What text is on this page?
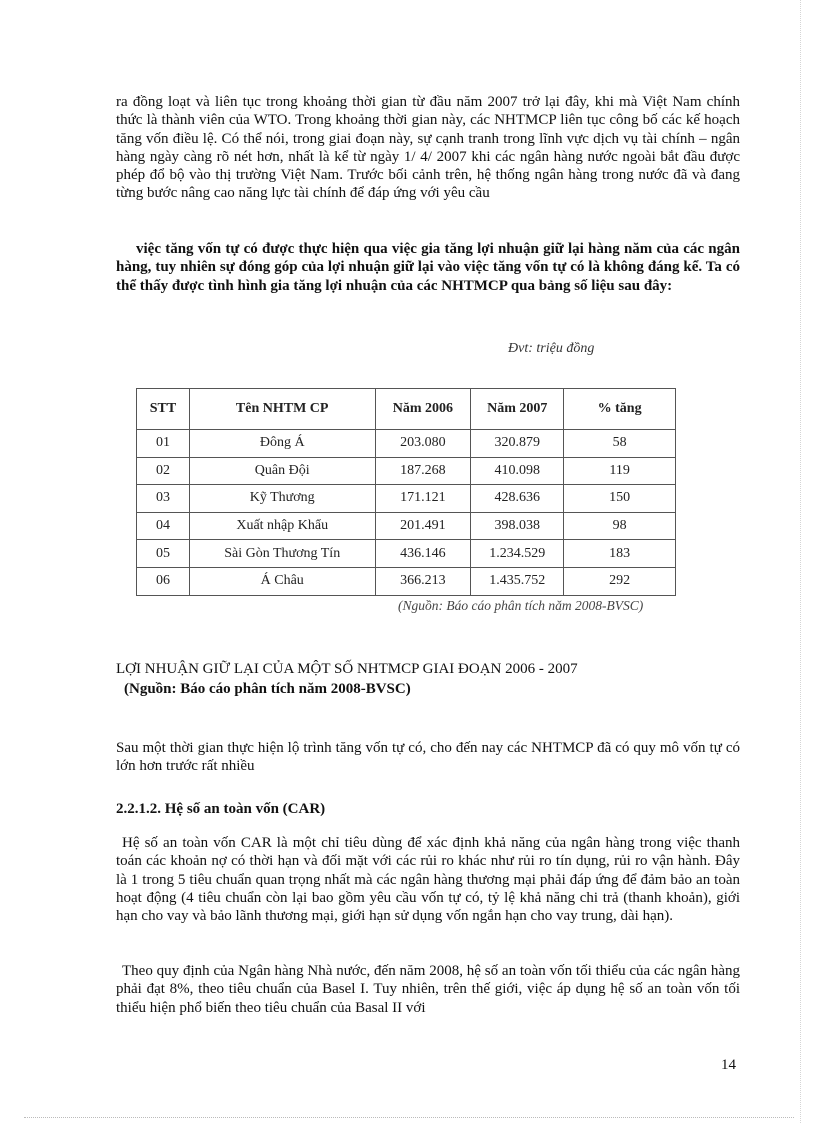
ra đồng loạt và liên tục trong khoảng thời gian từ đầu năm 2007 trở lại đây, khi mà Việt Nam chính thức là thành viên của WTO. Trong khoảng thời gian này, các NHTMCP liên tục công bố các kế hoạch tăng vốn điều lệ. Có thể nói, trong giai đoạn này, sự cạnh tranh trong lĩnh vực dịch vụ tài chính – ngân hàng ngày càng rõ nét hơn, nhất là kể từ ngày 1/ 4/ 2007 khi các ngân hàng nước ngoài bắt đầu được phép đổ bộ vào thị trường Việt Nam. Trước bối cảnh trên, hệ thống ngân hàng trong nước đã và đang từng bước nâng cao năng lực tài chính để đáp ứng với yêu cầu

việc tăng vốn tự có được thực hiện qua việc gia tăng lợi nhuận giữ lại hàng năm của các ngân hàng, tuy nhiên sự đóng góp của lợi nhuận giữ lại vào việc tăng vốn tự có là không đáng kể. Ta có thể thấy được tình hình gia tăng lợi nhuận của các NHTMCP qua bảng số liệu sau đây:

Đvt: triệu đồng
STT	Tên NHTM CP	Năm 2006	Năm 2007	% tăng
01	Đông Á	203.080	320.879	58
02	Quân Đội	187.268	410.098	119
03	Kỹ Thương	171.121	428.636	150
04	Xuất nhập Khẩu	201.491	398.038	98
05	Sài Gòn Thương Tín	436.146	1.234.529	183
06	Á Châu	366.213	1.435.752	292
(Nguồn: Báo cáo phân tích năm 2008-BVSC)

LỢI NHUẬN GIỮ LẠI CỦA MỘT SỐ NHTMCP GIAI ĐOẠN 2006 - 2007

(Nguồn: Báo cáo phân tích năm 2008-BVSC)

Sau một thời gian thực hiện lộ trình tăng vốn tự có, cho đến nay các NHTMCP đã có quy mô vốn tự có lớn hơn trước rất nhiều

2.2.1.2. Hệ số an toàn vốn (CAR)

Hệ số an toàn vốn CAR là một chỉ tiêu dùng để xác định khả năng của ngân hàng trong việc thanh toán các khoản nợ có thời hạn và đối mặt với các rủi ro khác như rủi ro tín dụng, rủi ro vận hành. Đây là 1 trong 5 tiêu chuẩn quan trọng nhất mà các ngân hàng thương mại phải đáp ứng để đảm bảo an toàn hoạt động (4 tiêu chuẩn còn lại bao gồm yêu cầu vốn tự có, tỷ lệ khả năng chi trả (thanh khoản), giới hạn cho vay và bảo lãnh thương mại, giới hạn sử dụng vốn ngắn hạn cho vay trung, dài hạn).

Theo quy định của Ngân hàng Nhà nước, đến năm 2008, hệ số an toàn vốn tối thiểu của các ngân hàng phải đạt 8%, theo tiêu chuẩn của Basel I. Tuy nhiên, trên thế giới, việc áp dụng hệ số an toàn vốn tối thiểu hiện phổ biến theo tiêu chuẩn của Basal II với

14
